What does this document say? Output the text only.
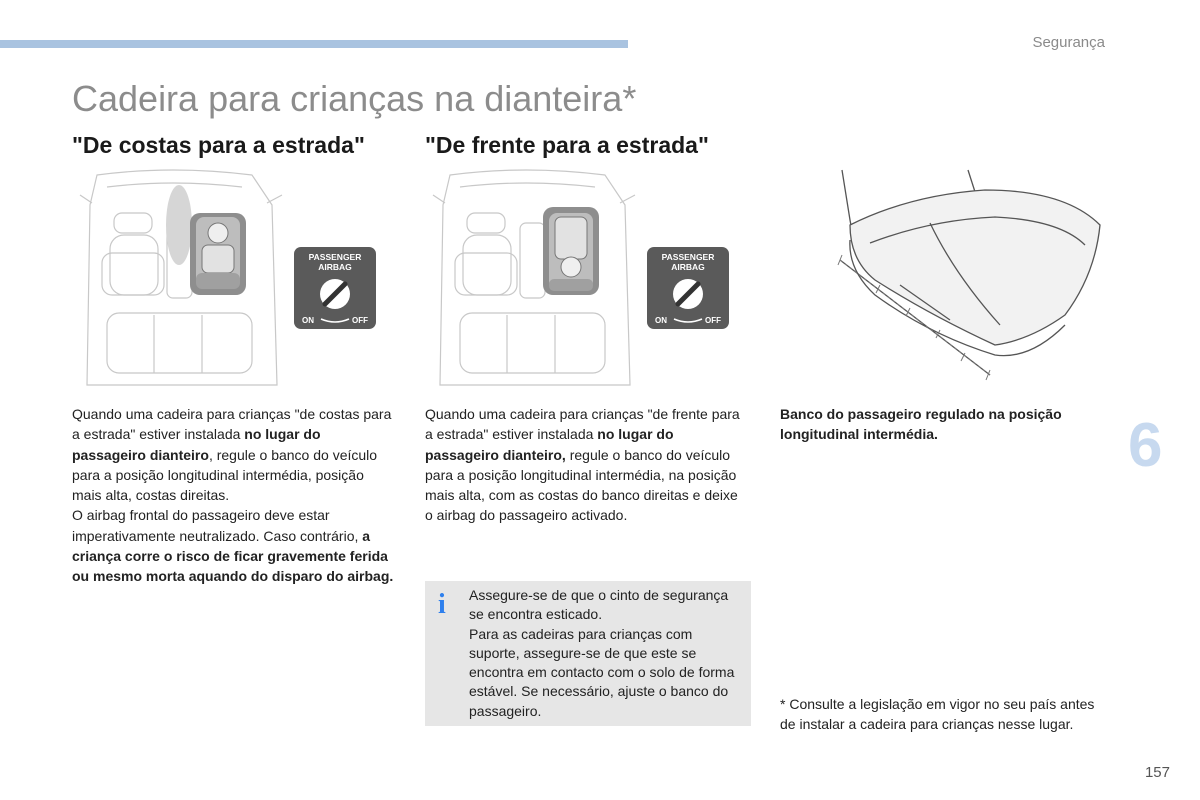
Segurança
Cadeira para crianças na dianteira*
"De costas para a estrada"	"De frente para a estrada"
PASSENGER
AIRBAG
ON	OFF
PASSENGER
AIRBAG
ON	OFF
Quando uma cadeira para crianças "de costas para a estrada" estiver instalada no lugar do passageiro dianteiro, regule o banco do veículo para a posição longitudinal intermédia, posição mais alta, costas direitas.
O airbag frontal do passageiro deve estar imperativamente neutralizado. Caso contrário, a criança corre o risco de ficar gravemente ferida ou mesmo morta aquando do disparo do airbag.
Quando uma cadeira para crianças "de frente para a estrada" estiver instalada no lugar do passageiro dianteiro, regule o banco do veículo para a posição longitudinal intermédia, na posição mais alta, com as costas do banco direitas e deixe o airbag do passageiro activado.
i Assegure-se de que o cinto de segurança se encontra esticado.
Para as cadeiras para crianças com suporte, assegure-se de que este se encontra em contacto com o solo de forma estável. Se necessário, ajuste o banco do passageiro.
Banco do passageiro regulado na posição longitudinal intermédia.	6
* Consulte a legislação em vigor no seu país antes de instalar a cadeira para crianças nesse lugar.
157
